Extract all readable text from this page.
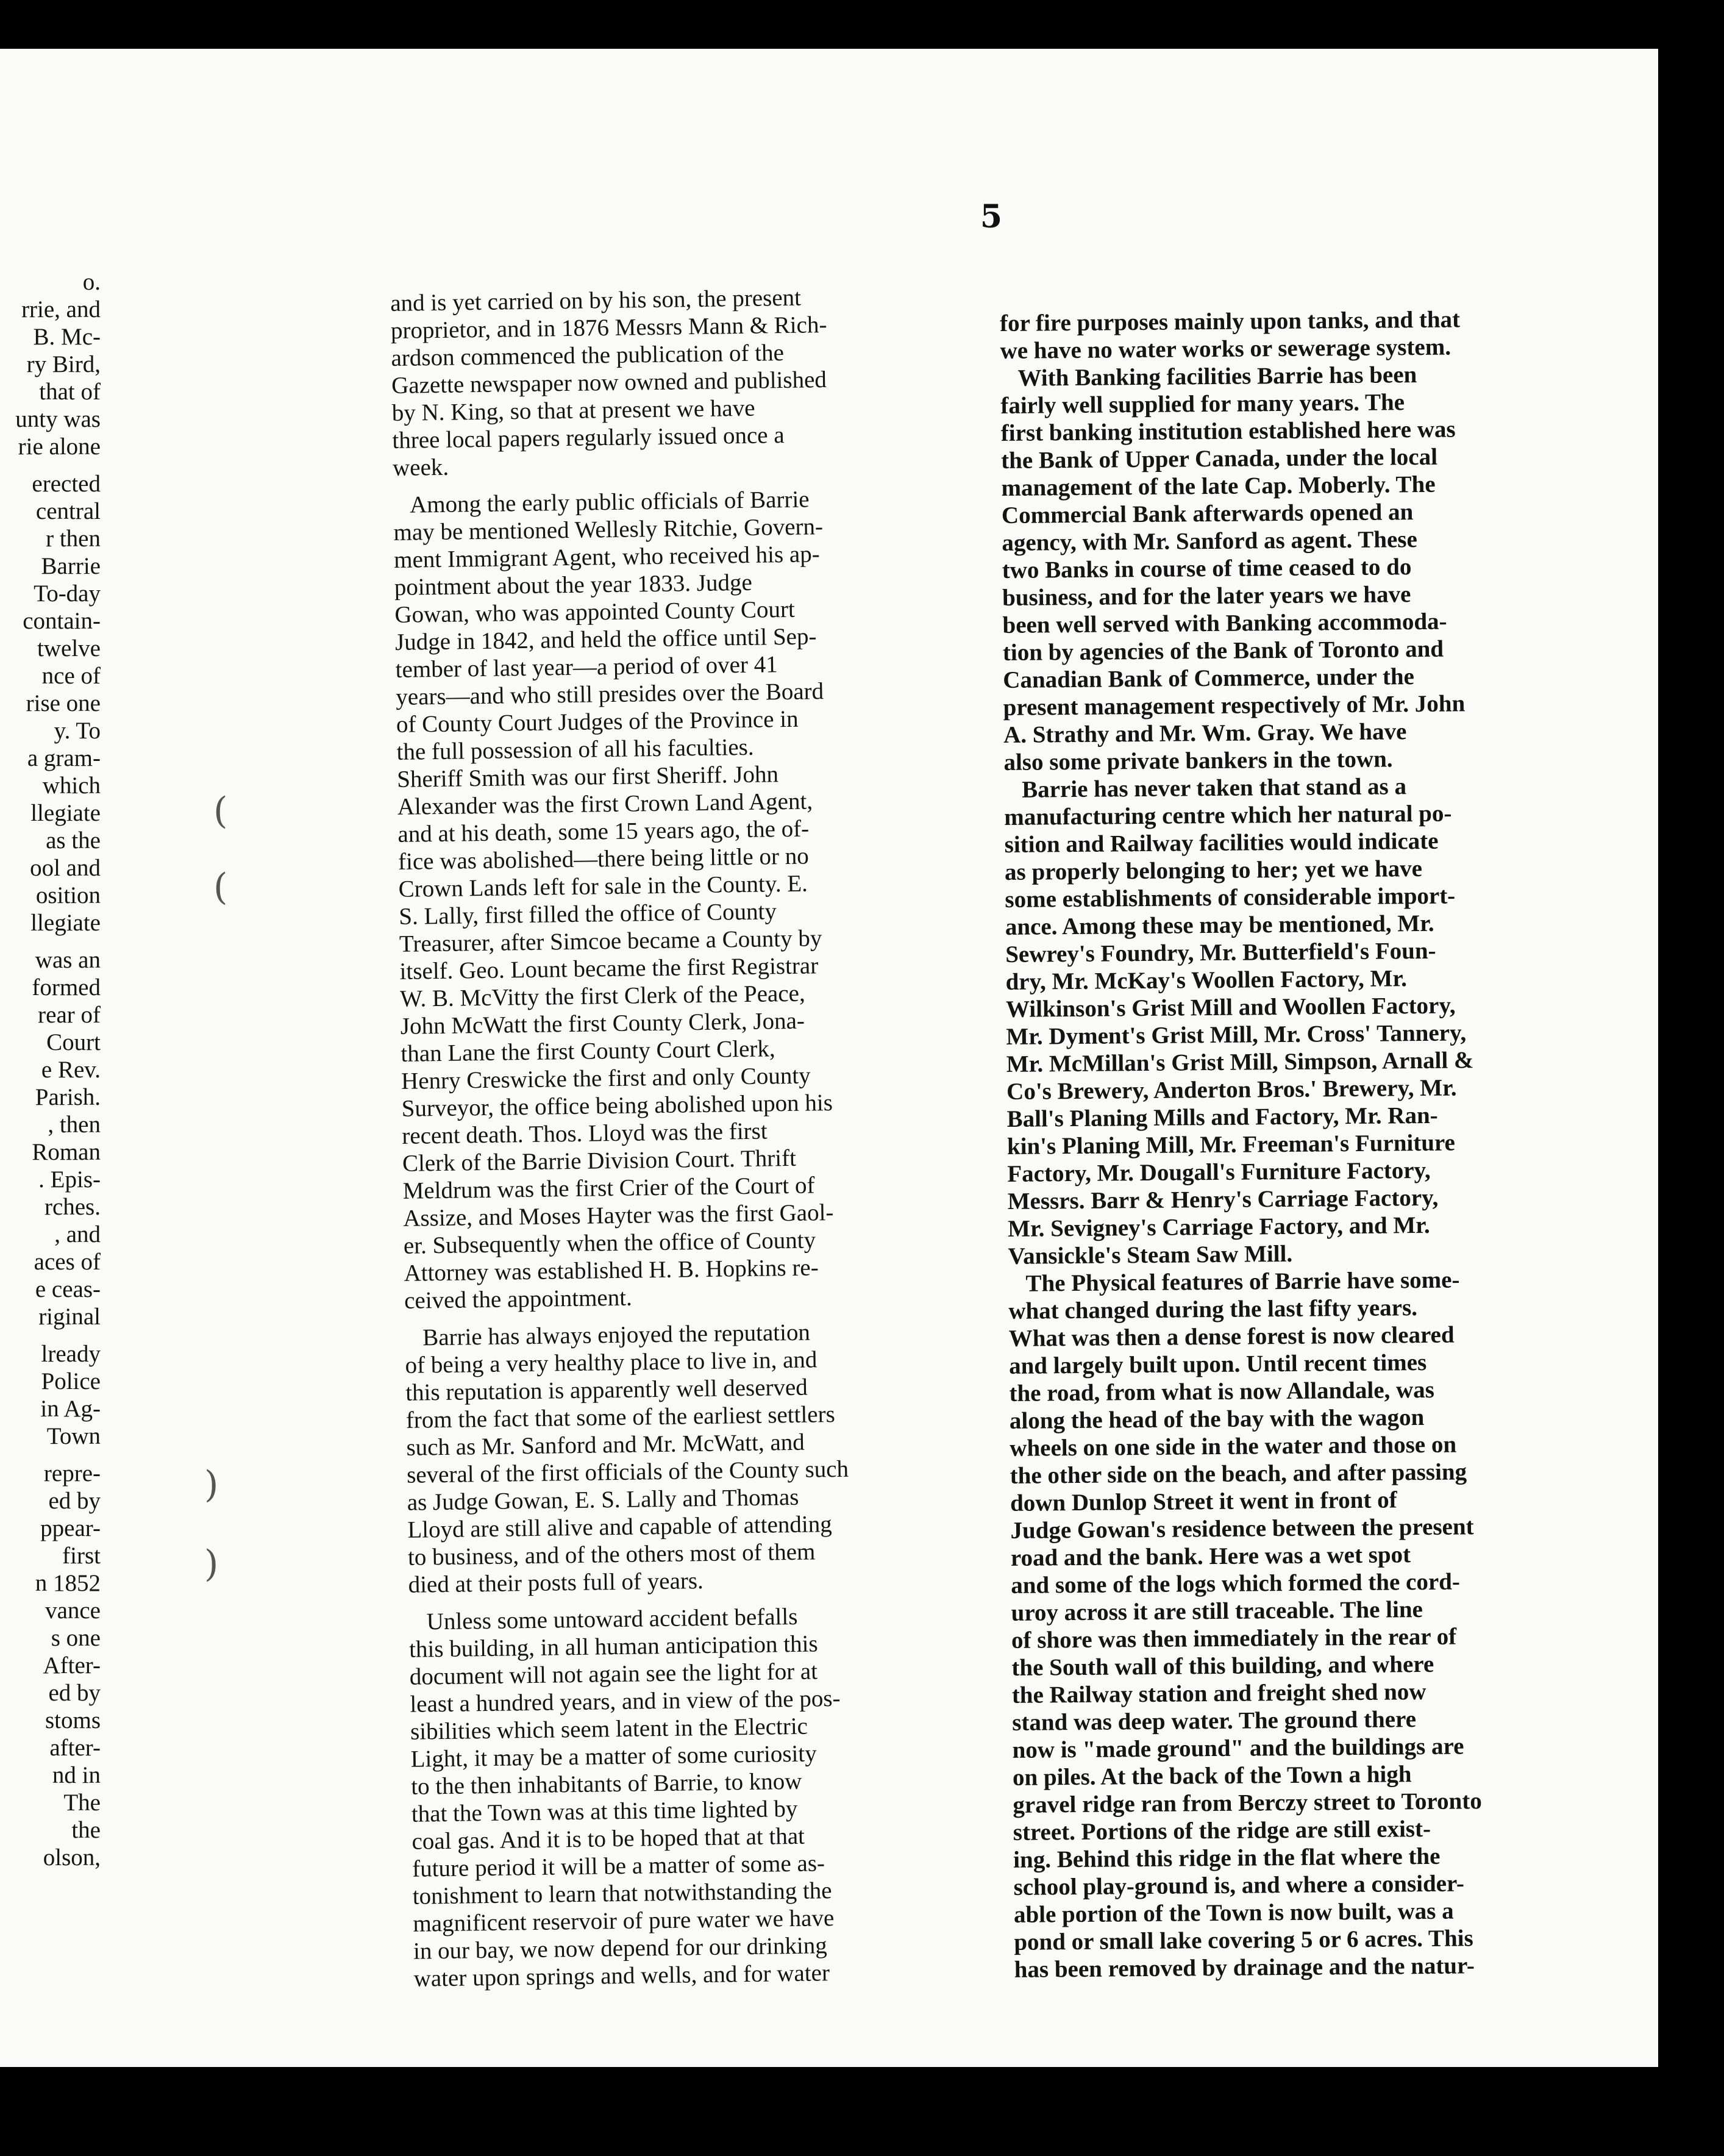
5
o.
rrie, and
B. Mc-
ry Bird,
that of
unty was
rie alone
erected
central
r then
Barrie
To-day
contain-
twelve
nce of
rise one
y. To
a gram-
which
llegiate
as the
ool and
osition
llegiate
was an
formed
rear of
Court
e Rev.
Parish.
, then
Roman
. Epis-
rches.
, and
aces of
e ceas-
riginal
lready
Police
in Ag-
Town
repre-
ed by
ppear-
first
n 1852
vance
s one
After-
ed by
stoms
after-
nd in
The
the
olson,
and is yet carried on by his son, the present
proprietor, and in 1876 Messrs Mann & Rich-
ardson commenced the publication of the
Gazette newspaper now owned and published
by N. King, so that at present we have
three local papers regularly issued once a
week.
Among the early public officials of Barrie
may be mentioned Wellesly Ritchie, Govern-
ment Immigrant Agent, who received his ap-
pointment about the year 1833. Judge
Gowan, who was appointed County Court
Judge in 1842, and held the office until Sep-
tember of last year—a period of over 41
years—and who still presides over the Board
of County Court Judges of the Province in
the full possession of all his faculties.
Sheriff Smith was our first Sheriff. John
Alexander was the first Crown Land Agent,
and at his death, some 15 years ago, the of-
fice was abolished—there being little or no
Crown Lands left for sale in the County. E.
S. Lally, first filled the office of County
Treasurer, after Simcoe became a County by
itself. Geo. Lount became the first Registrar
W. B. McVitty the first Clerk of the Peace,
John McWatt the first County Clerk, Jona-
than Lane the first County Court Clerk,
Henry Creswicke the first and only County
Surveyor, the office being abolished upon his
recent death. Thos. Lloyd was the first
Clerk of the Barrie Division Court. Thrift
Meldrum was the first Crier of the Court of
Assize, and Moses Hayter was the first Gaol-
er. Subsequently when the office of County
Attorney was established H. B. Hopkins re-
ceived the appointment.
Barrie has always enjoyed the reputation
of being a very healthy place to live in, and
this reputation is apparently well deserved
from the fact that some of the earliest settlers
such as Mr. Sanford and Mr. McWatt, and
several of the first officials of the County such
as Judge Gowan, E. S. Lally and Thomas
Lloyd are still alive and capable of attending
to business, and of the others most of them
died at their posts full of years.
Unless some untoward accident befalls
this building, in all human anticipation this
document will not again see the light for at
least a hundred years, and in view of the pos-
sibilities which seem latent in the Electric
Light, it may be a matter of some curiosity
to the then inhabitants of Barrie, to know
that the Town was at this time lighted by
coal gas. And it is to be hoped that at that
future period it will be a matter of some as-
tonishment to learn that notwithstanding the
magnificent reservoir of pure water we have
in our bay, we now depend for our drinking
water upon springs and wells, and for water
for fire purposes mainly upon tanks, and that
we have no water works or sewerage system.
With Banking facilities Barrie has been
fairly well supplied for many years. The
first banking institution established here was
the Bank of Upper Canada, under the local
management of the late Cap. Moberly. The
Commercial Bank afterwards opened an
agency, with Mr. Sanford as agent. These
two Banks in course of time ceased to do
business, and for the later years we have
been well served with Banking accommoda-
tion by agencies of the Bank of Toronto and
Canadian Bank of Commerce, under the
present management respectively of Mr. John
A. Strathy and Mr. Wm. Gray. We have
also some private bankers in the town.
Barrie has never taken that stand as a
manufacturing centre which her natural po-
sition and Railway facilities would indicate
as properly belonging to her; yet we have
some establishments of considerable import-
ance. Among these may be mentioned, Mr.
Sewrey's Foundry, Mr. Butterfield's Foun-
dry, Mr. McKay's Woollen Factory, Mr.
Wilkinson's Grist Mill and Woollen Factory,
Mr. Dyment's Grist Mill, Mr. Cross' Tannery,
Mr. McMillan's Grist Mill, Simpson, Arnall &
Co's Brewery, Anderton Bros.' Brewery, Mr.
Ball's Planing Mills and Factory, Mr. Ran-
kin's Planing Mill, Mr. Freeman's Furniture
Factory, Mr. Dougall's Furniture Factory,
Messrs. Barr & Henry's Carriage Factory,
Mr. Sevigney's Carriage Factory, and Mr.
Vansickle's Steam Saw Mill.
The Physical features of Barrie have some-
what changed during the last fifty years.
What was then a dense forest is now cleared
and largely built upon. Until recent times
the road, from what is now Allandale, was
along the head of the bay with the wagon
wheels on one side in the water and those on
the other side on the beach, and after passing
down Dunlop Street it went in front of
Judge Gowan's residence between the present
road and the bank. Here was a wet spot
and some of the logs which formed the cord-
uroy across it are still traceable. The line
of shore was then immediately in the rear of
the South wall of this building, and where
the Railway station and freight shed now
stand was deep water. The ground there
now is "made ground" and the buildings are
on piles. At the back of the Town a high
gravel ridge ran from Berczy street to Toronto
street. Portions of the ridge are still exist-
ing. Behind this ridge in the flat where the
school play-ground is, and where a consider-
able portion of the Town is now built, was a
pond or small lake covering 5 or 6 acres. This
has been removed by drainage and the natur-
(
(
)
)
